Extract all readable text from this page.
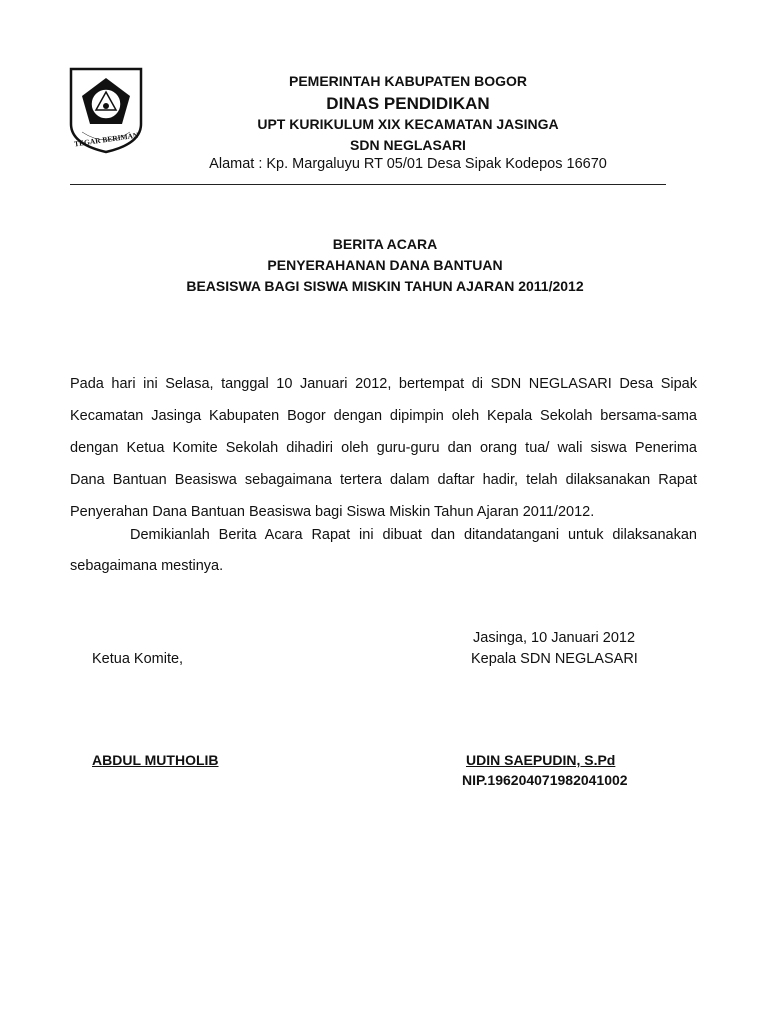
TEGAR BERIMAN
PEMERINTAH KABUPATEN BOGOR
DINAS PENDIDIKAN
UPT KURIKULUM XIX KECAMATAN JASINGA
SDN NEGLASARI
Alamat : Kp. Margaluyu RT 05/01 Desa Sipak Kodepos 16670
BERITA ACARA
PENYERAHANAN DANA BANTUAN
BEASISWA BAGI SISWA MISKIN TAHUN AJARAN 2011/2012
Pada hari ini Selasa, tanggal 10 Januari 2012, bertempat di SDN NEGLASARI Desa Sipak
Kecamatan Jasinga Kabupaten Bogor dengan dipimpin oleh Kepala Sekolah bersama-sama
dengan Ketua Komite Sekolah dihadiri oleh guru-guru dan orang tua/ wali siswa Penerima
Dana Bantuan Beasiswa sebagaimana tertera dalam daftar hadir, telah dilaksanakan Rapat
Penyerahan Dana Bantuan Beasiswa bagi Siswa Miskin Tahun Ajaran 2011/2012.
Demikianlah Berita Acara Rapat ini dibuat dan ditandatangani untuk dilaksanakan
sebagaimana mestinya.
Jasinga, 10 Januari 2012
Ketua Komite,	Kepala SDN NEGLASARI
ABDUL MUTHOLIB	UDIN SAEPUDIN, S.Pd
NIP.196204071982041002
